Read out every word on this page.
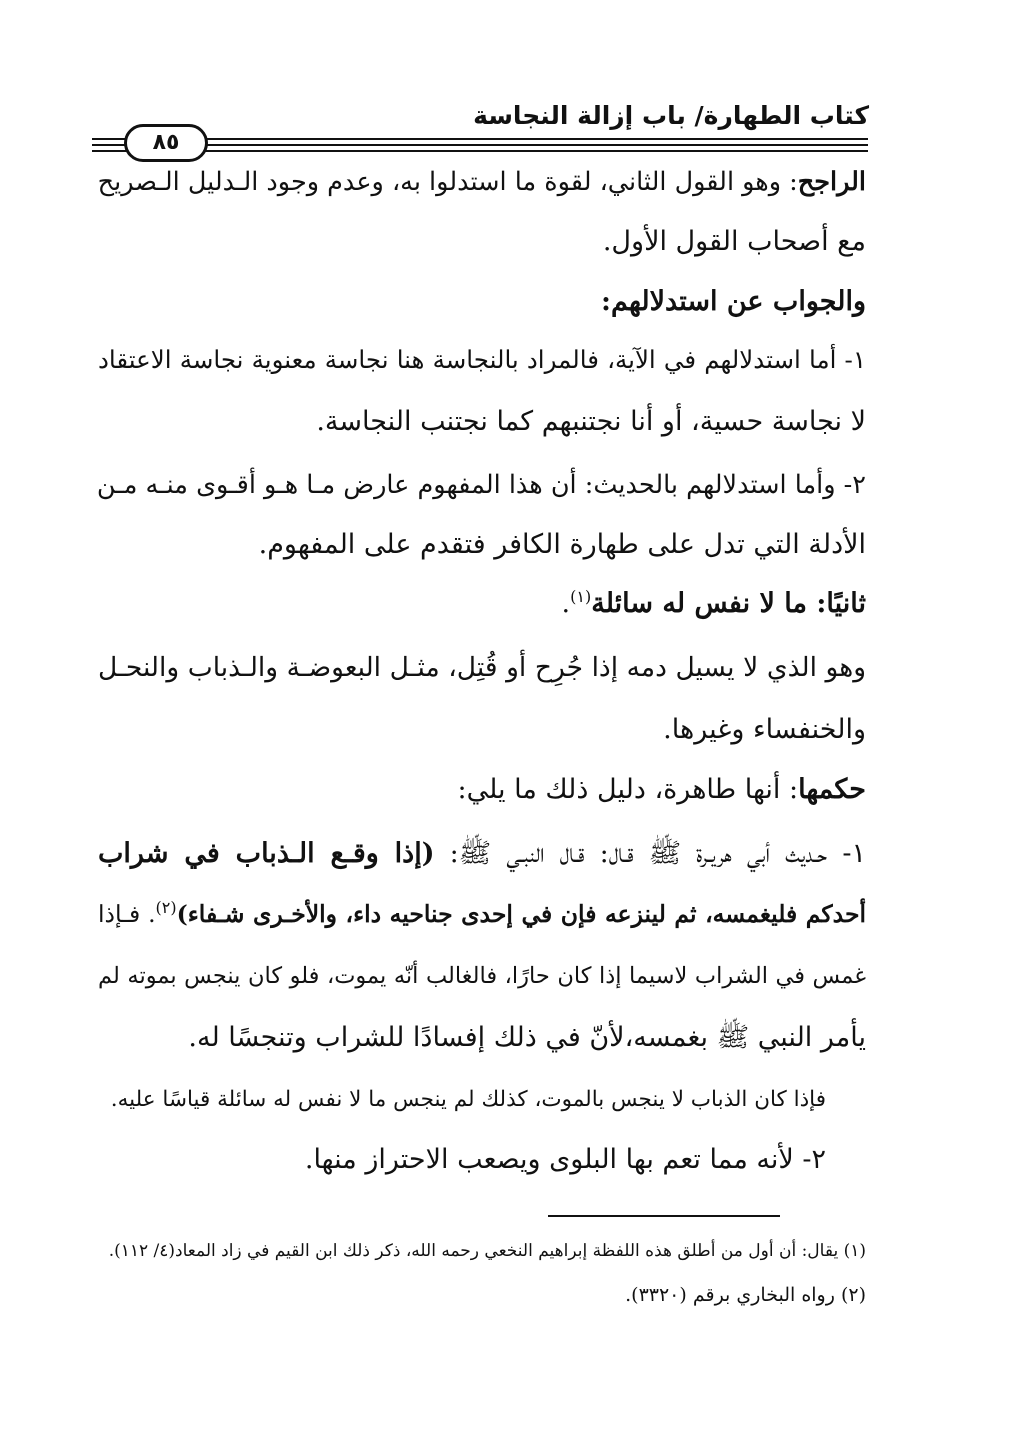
كتاب الطهارة/ باب إزالة النجاسة
٨٥
الراجح: وهو القول الثاني، لقوة ما استدلوا به، وعدم وجود الـدليل الـصريح
مع أصحاب القول الأول.
والجواب عن استدلالهم:
١- أما استدلالهم في الآية، فالمراد بالنجاسة هنا نجاسة معنوية نجاسة الاعتقاد
لا نجاسة حسية، أو أنا نجتنبهم كما نجتنب النجاسة.
٢- وأما استدلالهم بالحديث: أن هذا المفهوم عارض مـا هـو أقـوى منـه مـن
الأدلة التي تدل على طهارة الكافر فتقدم على المفهوم.
ثانيًا: ما لا نفس له سائلة$^{(١)}$.
وهو الذي لا يسيل دمه إذا جُرِح أو قُتِل، مثـل البعوضـة والـذباب والنحـل
والخنفساء وغيرها.
حكمها: أنها طاهرة، دليل ذلك ما يلي:
١- حـديث أبي هريـرة ﷺ قـال: قـال النبـي ﷺ: (إذا وقـع الـذباب في شراب
أحدكم فليغمسه، ثم لينزعه فإن في إحدى جناحيه داء، والأخـرى شـفاء)$^{(٢)}$. فـإذا
غمس في الشراب لاسيما إذا كان حارًا، فالغالب أنّه يموت، فلو كان ينجس بموته لم
يأمر النبي ﷺ بغمسه،لأنّ في ذلك إفسادًا للشراب وتنجسًا له.
فإذا كان الذباب لا ينجس بالموت، كذلك لم ينجس ما لا نفس له سائلة قياسًا عليه.
٢- لأنه مما تعم بها البلوى ويصعب الاحتراز منها.
(١) يقال: أن أول من أطلق هذه اللفظة إبراهيم النخعي رحمه الله، ذكر ذلك ابن القيم في زاد المعاد(٤/ ١١٢).
(٢) رواه البخاري برقم (٣٣٢٠).
